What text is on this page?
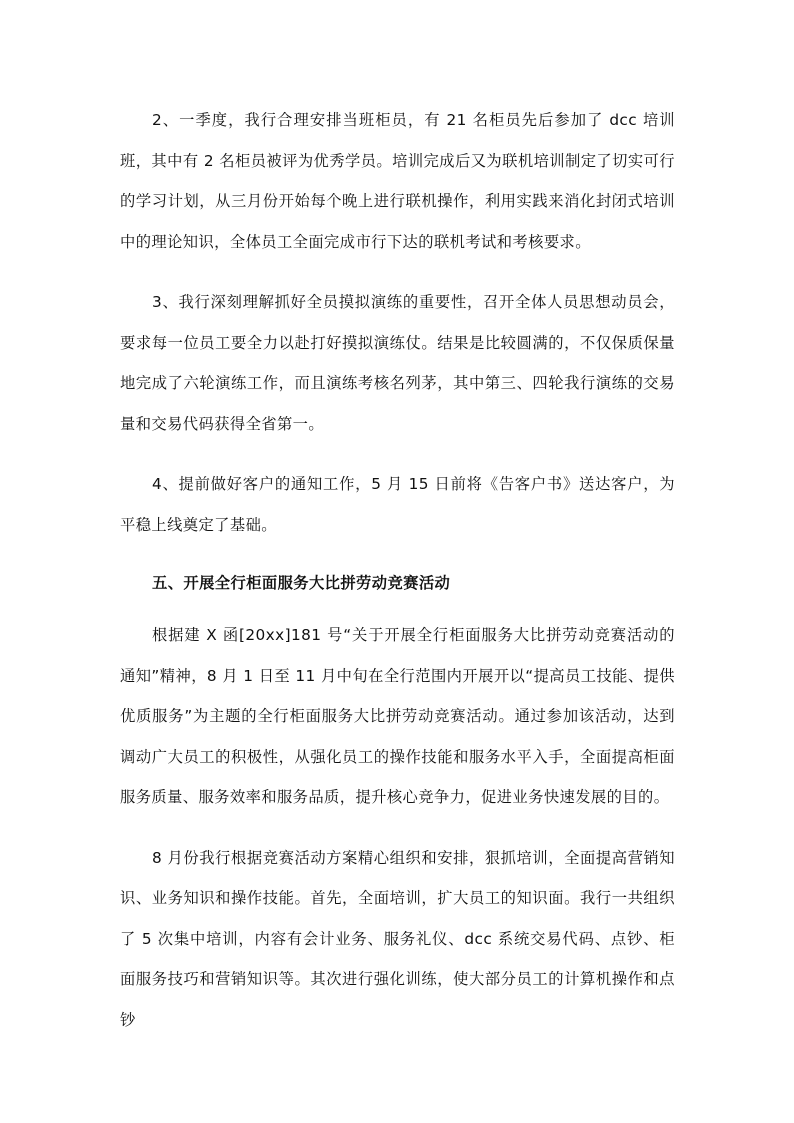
2、一季度，我行合理安排当班柜员，有 21 名柜员先后参加了 dcc 培训班，其中有 2 名柜员被评为优秀学员。培训完成后又为联机培训制定了切实可行的学习计划，从三月份开始每个晚上进行联机操作，利用实践来消化封闭式培训中的理论知识，全体员工全面完成市行下达的联机考试和考核要求。

3、我行深刻理解抓好全员摸拟演练的重要性，召开全体人员思想动员会，要求每一位员工要全力以赴打好摸拟演练仗。结果是比较圆满的，不仅保质保量地完成了六轮演练工作，而且演练考核名列茅，其中第三、四轮我行演练的交易量和交易代码获得全省第一。

4、提前做好客户的通知工作，5 月 15 日前将《告客户书》送达客户，为平稳上线奠定了基础。

五、开展全行柜面服务大比拼劳动竞赛活动

根据建 X 函[20xx]181 号“关于开展全行柜面服务大比拼劳动竞赛活动的通知”精神，8 月 1 日至 11 月中旬在全行范围内开展开以“提高员工技能、提供优质服务”为主题的全行柜面服务大比拼劳动竞赛活动。通过参加该活动，达到调动广大员工的积极性，从强化员工的操作技能和服务水平入手，全面提高柜面服务质量、服务效率和服务品质，提升核心竞争力，促进业务快速发展的目的。

8 月份我行根据竞赛活动方案精心组织和安排，狠抓培训，全面提高营销知识、业务知识和操作技能。首先，全面培训，扩大员工的知识面。我行一共组织了 5 次集中培训，内容有会计业务、服务礼仪、dcc 系统交易代码、点钞、柜面服务技巧和营销知识等。其次进行强化训练，使大部分员工的计算机操作和点钞
